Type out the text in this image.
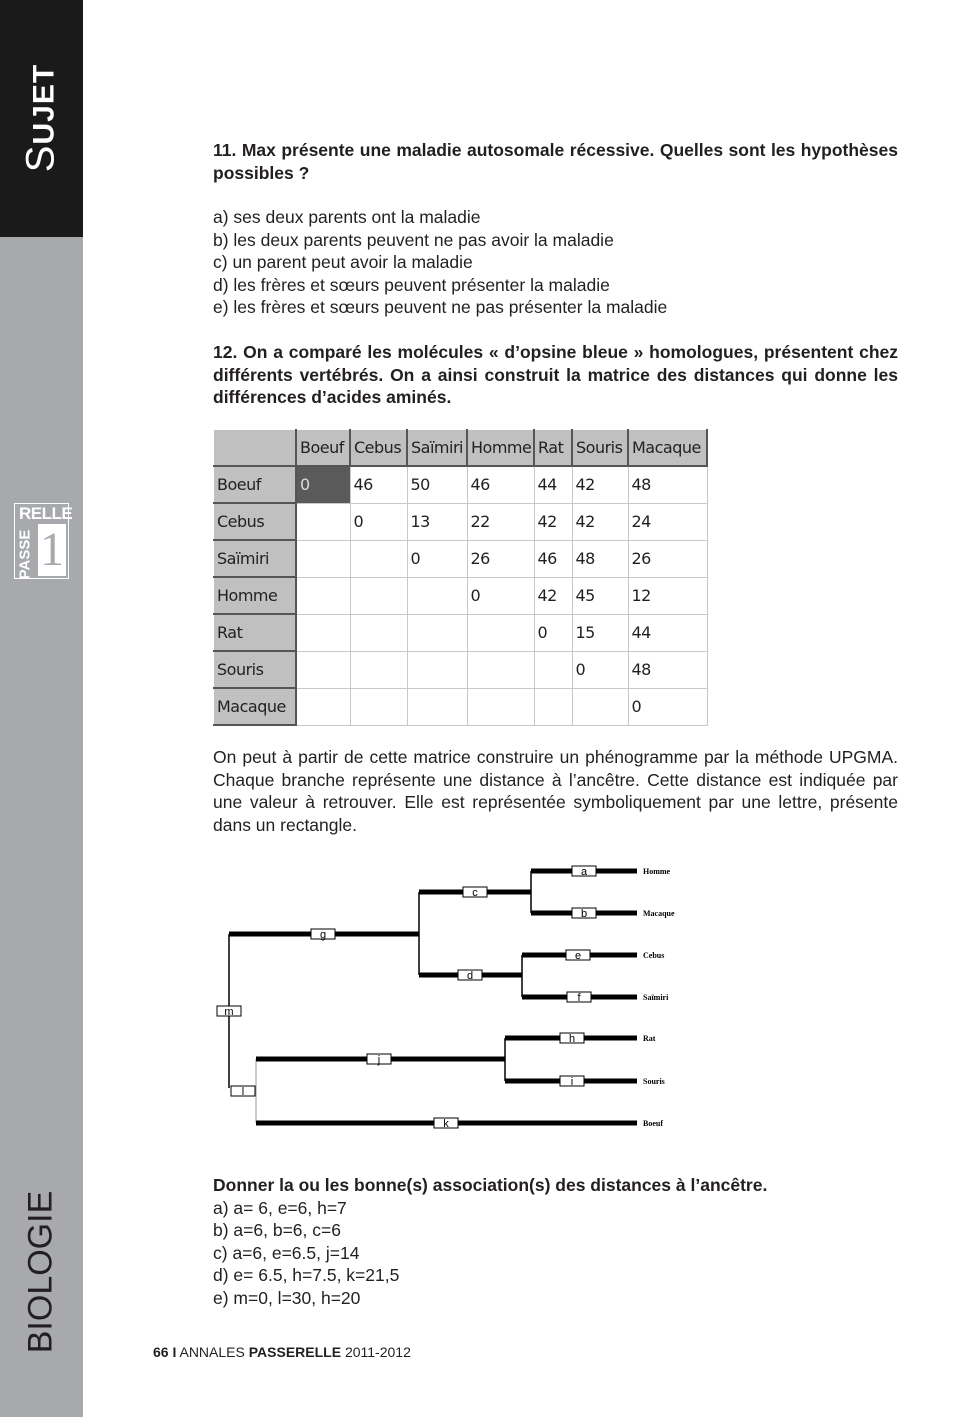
SUJET
RELLE
PASSE 1
BIOLOGIE
11. Max présente une maladie autosomale récessive. Quelles sont les hypothèses possibles ?

a) ses deux parents ont la maladie

b) les deux parents peuvent ne pas avoir la maladie

c) un parent peut avoir la maladie

d) les frères et sœurs peuvent présenter la maladie

e) les frères et sœurs peuvent ne pas présenter la maladie

12. On a comparé les molécules « d’opsine bleue » homologues, présentent chez différents vertébrés. On a ainsi construit la matrice des distances qui donne les différences d’acides aminés.
	Boeuf	Cebus	Saïmiri	Homme	Rat	Souris	Macaque
Boeuf	0	46	50	46	44	42	48
Cebus		0	13	22	42	42	24
Saïmiri			0	26	46	48	26
Homme				0	42	45	12
Rat					0	15	44
Souris						0	48
Macaque							0
On peut à partir de cette matrice construire un phénogramme par la méthode UPGMA. Chaque branche représente une distance à l’ancêtre. Cette distance est indiquée par une valeur à retrouver. Elle est représentée symboliquement par une lettre, présente dans un rectangle.
a
b
c
d
e
f
g
h
i
j
k
l
m
Homme
Macaque
Cebus
Saïmiri
Rat
Souris
Boeuf

Donner la ou les bonne(s) association(s) des distances à l’ancêtre.

a) a= 6, e=6, h=7

b) a=6, b=6, c=6

c) a=6, e=6.5, j=14

d) e= 6.5, h=7.5, k=21,5

e) m=0, l=30, h=20

66 I ANNALES PASSERELLE 2011-2012
